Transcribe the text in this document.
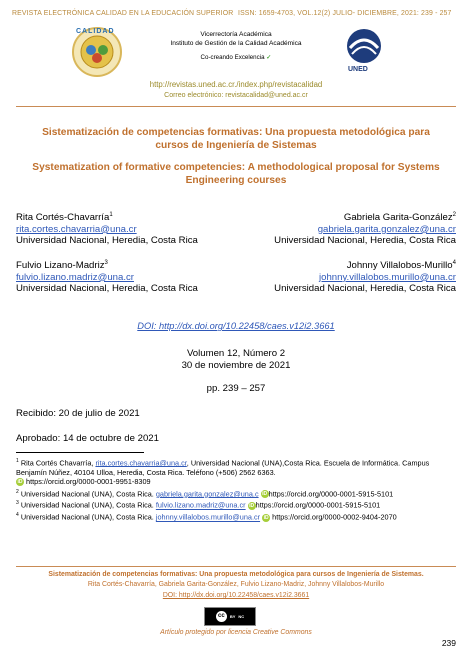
REVISTA ELECTRÓNICA CALIDAD EN LA EDUCACIÓN SUPERIOR ISSN: 1659-4703, VOL.12(2) JULIO- DICIEMBRE, 2021: 239 - 257
CALIDAD	Vicerrectoría Académica
Instituto de Gestión de la Calidad Académica
Co-creando Excelencia ✓
UNED
http://revistas.uned.ac.cr./index.php/revistacalidad
Correo electrónico: revistacalidad@uned.ac.cr
Sistematización de competencias formativas: Una propuesta metodológica para cursos de Ingeniería de Sistemas
Systematization of formative competencies: A methodological proposal for Systems Engineering courses
Rita Cortés-Chavarría$^1$
rita.cortes.chavarria@una.cr
Universidad Nacional, Heredia, Costa Rica
Gabriela Garita-González$^2$
gabriela.garita.gonzalez@una.cr
Universidad Nacional, Heredia, Costa Rica
Fulvio Lizano-Madriz$^3$
fulvio.lizano.madriz@una.cr
Universidad Nacional, Heredia, Costa Rica
Johnny Villalobos-Murillo$^4$
johnny.villalobos.murillo@una.cr
Universidad Nacional, Heredia, Costa Rica
DOI: http://dx.doi.org/10.22458/caes.v12i2.3661
Volumen 12, Número 2
30 de noviembre de 2021
pp. 239 – 257
Recibido: 20 de julio de 2021
Aprobado: 14 de octubre de 2021
$^1$ Rita Cortés Chavarría, rita.cortes.chavarria@una.cr, Universidad Nacional (UNA),Costa Rica. Escuela de Informática. Campus Benjamín Núñez, 40104 Ulloa, Heredia, Costa Rica. Teléfono (+506) 2562 6363.
iD https://orcid.org/0000-0001-9951-8309
$^2$ Universidad Nacional (UNA), Costa Rica. gabriela.garita.gonzalez@una.c iD https://orcid.org/0000-0001-5915-5101
$^3$ Universidad Nacional (UNA), Costa Rica. fulvio.lizano.madriz@una.cr iD https://orcid.org/0000-0001-5915-5101
$^4$ Universidad Nacional (UNA), Costa Rica. johnny.villalobos.murillo@una.cr iD https://orcid.org/0000-0002-9404-2070
Sistematización de competencias formativas: Una propuesta metodológica para cursos de Ingeniería de Sistemas.
Rita Cortés-Chavarría, Gabriela Garita-González, Fulvio Lizano-Madriz, Johnny Villalobos-Murillo
DOI: http://dx.doi.org/10.22458/caes.v12i2.3661
cc	BY NC
Artículo protegido por licencia Creative Commons
239
